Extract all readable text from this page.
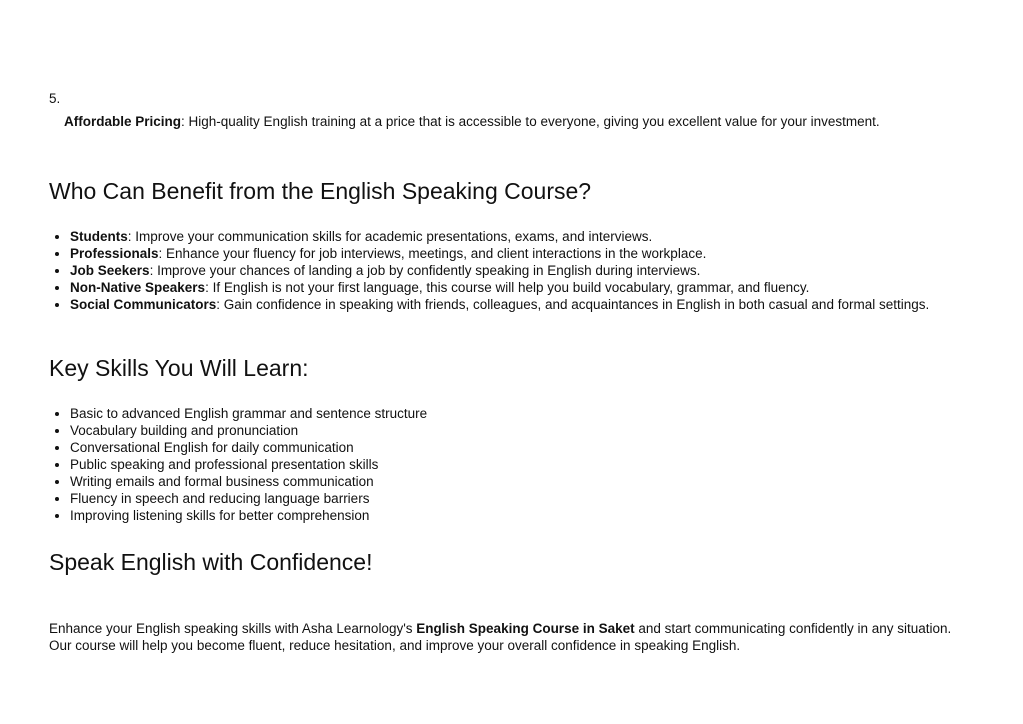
5.
Affordable Pricing: High-quality English training at a price that is accessible to everyone, giving you excellent value for your investment.
Who Can Benefit from the English Speaking Course?
• Students: Improve your communication skills for academic presentations, exams, and interviews.
• Professionals: Enhance your fluency for job interviews, meetings, and client interactions in the workplace.
• Job Seekers: Improve your chances of landing a job by confidently speaking in English during interviews.
• Non-Native Speakers: If English is not your first language, this course will help you build vocabulary, grammar, and fluency.
• Social Communicators: Gain confidence in speaking with friends, colleagues, and acquaintances in English in both casual and formal settings.
Key Skills You Will Learn:
• Basic to advanced English grammar and sentence structure
• Vocabulary building and pronunciation
• Conversational English for daily communication
• Public speaking and professional presentation skills
• Writing emails and formal business communication
• Fluency in speech and reducing language barriers
• Improving listening skills for better comprehension
Speak English with Confidence!

Enhance your English speaking skills with Asha Learnology's English Speaking Course in Saket and start communicating confidently in any situation. Our course will help you become fluent, reduce hesitation, and improve your overall confidence in speaking English.
